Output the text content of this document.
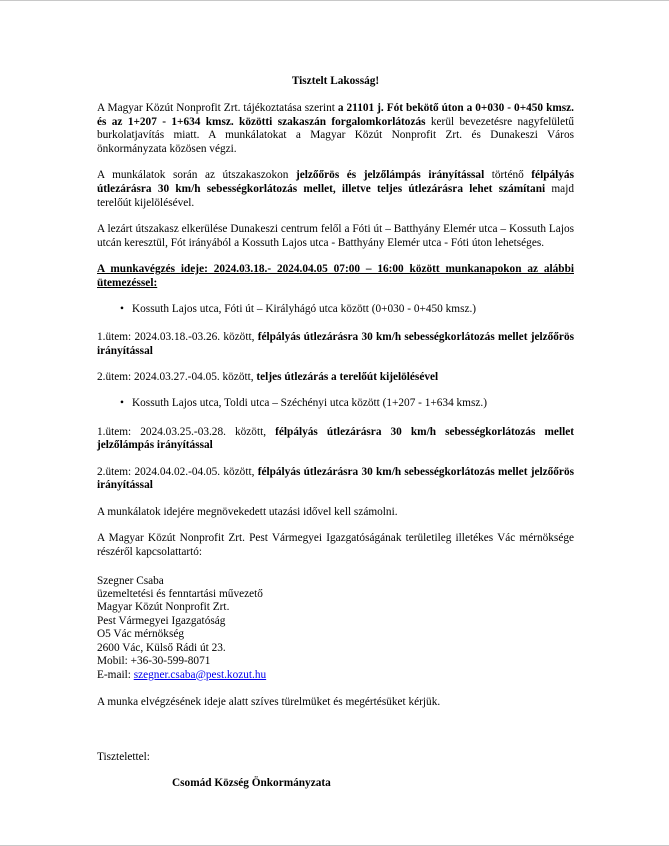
Tisztelt Lakosság!

A Magyar Közút Nonprofit Zrt. tájékoztatása szerint a 21101 j. Fót bekötő úton a 0+030 - 0+450 kmsz. és az 1+207 - 1+634 kmsz. közötti szakaszán forgalomkorlátozás kerül bevezetésre nagyfelületű burkolatjavítás miatt. A munkálatokat a Magyar Közút Nonprofit Zrt. és Dunakeszi Város önkormányzata közösen végzi.

A munkálatok során az útszakaszokon jelzőőrös és jelzőlámpás irányítással történő félpályás útlezárásra 30 km/h sebességkorlátozás mellet, illetve teljes útlezárásra lehet számítani majd terelőút kijelölésével.

A lezárt útszakasz elkerülése Dunakeszi centrum felől a Fóti út – Batthyány Elemér utca – Kossuth Lajos utcán keresztül, Fót irányából a Kossuth Lajos utca - Batthyány Elemér utca - Fóti úton lehetséges.

A munkavégzés ideje: 2024.03.18.- 2024.04.05 07:00 – 16:00 között munkanapokon az alábbi ütemezéssel:

• Kossuth Lajos utca, Fóti út – Királyhágó utca között (0+030 - 0+450 kmsz.)

1.ütem: 2024.03.18.-03.26. között, félpályás útlezárásra 30 km/h sebességkorlátozás mellet jelzőőrös irányítással

2.ütem: 2024.03.27.-04.05. között, teljes útlezárás a terelőút kijelölésével

• Kossuth Lajos utca, Toldi utca – Széchényi utca között (1+207 - 1+634 kmsz.)

1.ütem: 2024.03.25.-03.28. között, félpályás útlezárásra 30 km/h sebességkorlátozás mellet jelzőlámpás irányítással

2.ütem: 2024.04.02.-04.05. között, félpályás útlezárásra 30 km/h sebességkorlátozás mellet jelzőőrös irányítással

A munkálatok idejére megnövekedett utazási idővel kell számolni.

A Magyar Közút Nonprofit Zrt. Pest Vármegyei Igazgatóságának területileg illetékes Vác mérnöksége részéről kapcsolattartó:

Szegner Csaba
üzemeltetési és fenntartási művezető
Magyar Közút Nonprofit Zrt.
Pest Vármegyei Igazgatóság
O5 Vác mérnökség
2600 Vác, Külső Rádi út 23.
Mobil: +36-30-599-8071
E-mail: szegner.csaba@pest.kozut.hu

A munka elvégzésének ideje alatt szíves türelmüket és megértésüket kérjük.

Tisztelettel:

Csomád Község Önkormányzata
